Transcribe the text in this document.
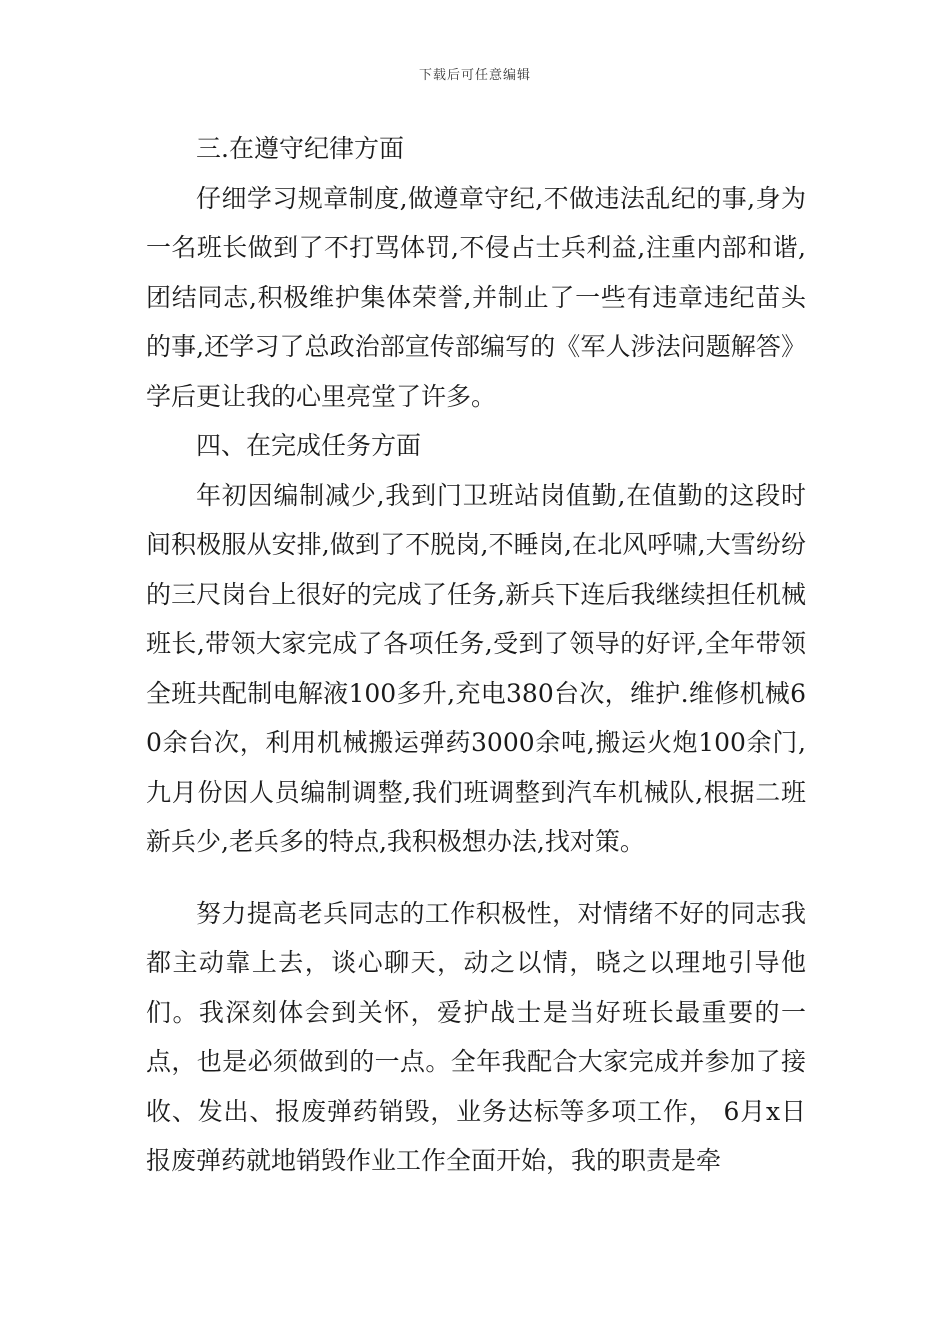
下载后可任意编辑

三.在遵守纪律方面

仔细学习规章制度,做遵章守纪,不做违法乱纪的事,身为一名班长做到了不打骂体罚,不侵占士兵利益,注重内部和谐,团结同志,积极维护集体荣誉,并制止了一些有违章违纪苗头的事,还学习了总政治部宣传部编写的《军人涉法问题解答》学后更让我的心里亮堂了许多。

四、在完成任务方面

年初因编制减少,我到门卫班站岗值勤,在值勤的这段时间积极服从安排,做到了不脱岗,不睡岗,在北风呼啸,大雪纷纷的三尺岗台上很好的完成了任务,新兵下连后我继续担任机械班长,带领大家完成了各项任务,受到了领导的好评,全年带领全班共配制电解液100多升,充电380台次，维护.维修机械60余台次，利用机械搬运弹药3000余吨,搬运火炮100余门,九月份因人员编制调整,我们班调整到汽车机械队,根据二班新兵少,老兵多的特点,我积极想办法,找对策。

努力提高老兵同志的工作积极性，对情绪不好的同志我都主动靠上去，谈心聊天，动之以情，晓之以理地引导他们。我深刻体会到关怀，爱护战士是当好班长最重要的一点，也是必须做到的一点。全年我配合大家完成并参加了接收、发出、报废弹药销毁，业务达标等多项工作， 6月x日报废弹药就地销毁作业工作全面开始，我的职责是牵
